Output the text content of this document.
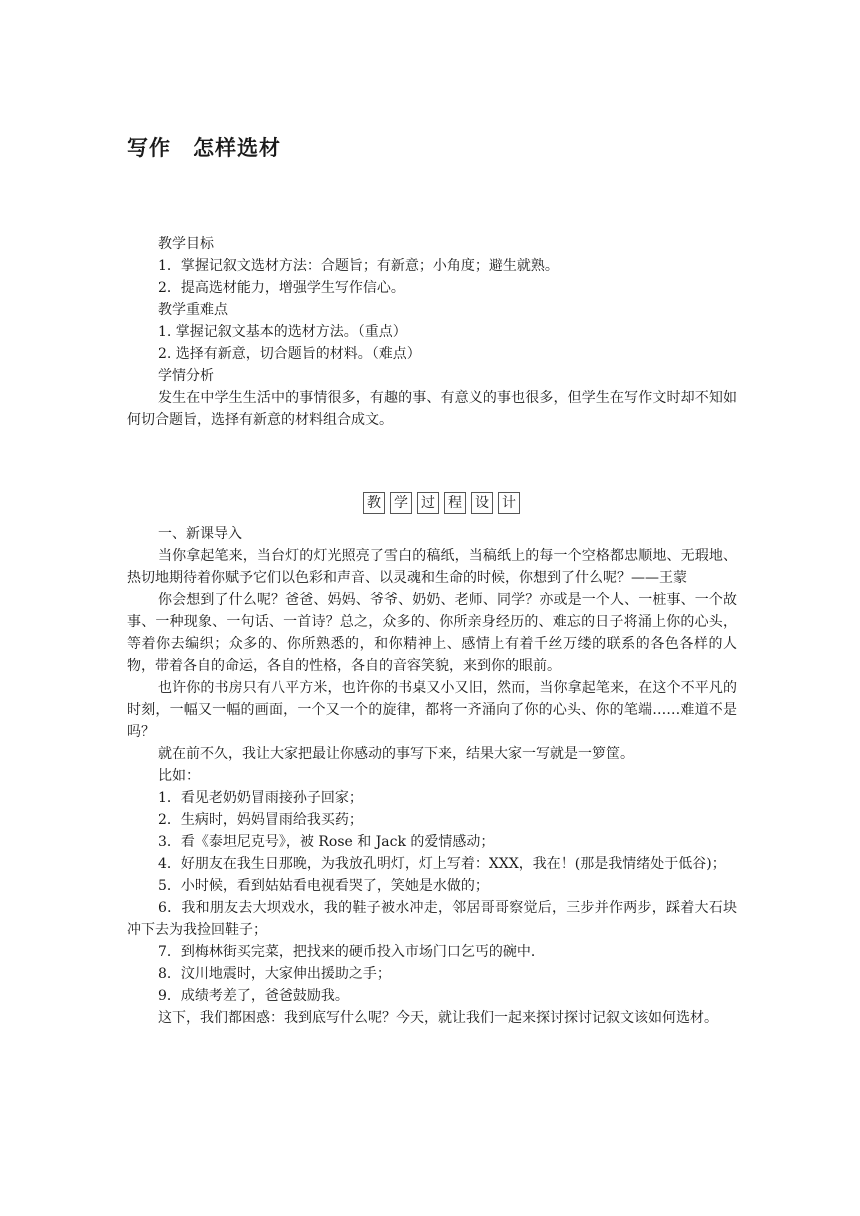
写作　怎样选材

教学目标

1．掌握记叙文选材方法：合题旨；有新意；小角度；避生就熟。

2．提高选材能力，增强学生写作信心。

教学重难点

1. 掌握记叙文基本的选材方法。（重点）

2. 选择有新意，切合题旨的材料。（难点）

学情分析

发生在中学生生活中的事情很多，有趣的事、有意义的事也很多，但学生在写作文时却不知如何切合题旨，选择有新意的材料组合成文。

教 学 过 程 设 计

一、新课导入

当你拿起笔来，当台灯的灯光照亮了雪白的稿纸，当稿纸上的每一个空格都忠顺地、无瑕地、热切地期待着你赋予它们以色彩和声音、以灵魂和生命的时候，你想到了什么呢？——王蒙

你会想到了什么呢？爸爸、妈妈、爷爷、奶奶、老师、同学？亦或是一个人、一桩事、一个故事、一种现象、一句话、一首诗？总之，众多的、你所亲身经历的、难忘的日子将涌上你的心头，等着你去编织；众多的、你所熟悉的，和你精神上、感情上有着千丝万缕的联系的各色各样的人物，带着各自的命运，各自的性格，各自的音容笑貌，来到你的眼前。

也许你的书房只有八平方米，也许你的书桌又小又旧，然而，当你拿起笔来，在这个不平凡的时刻，一幅又一幅的画面，一个又一个的旋律，都将一齐涌向了你的心头、你的笔端……难道不是吗？

就在前不久，我让大家把最让你感动的事写下来，结果大家一写就是一箩筐。

比如：

1．看见老奶奶冒雨接孙子回家；

2．生病时，妈妈冒雨给我买药；

3．看《泰坦尼克号》，被 Rose 和 Jack 的爱情感动；

4．好朋友在我生日那晚，为我放孔明灯，灯上写着：XXX，我在！(那是我情绪处于低谷)；

5．小时候，看到姑姑看电视看哭了，笑她是水做的；

6．我和朋友去大坝戏水，我的鞋子被水冲走，邻居哥哥察觉后，三步并作两步，踩着大石块冲下去为我捡回鞋子；

7．到梅林街买完菜，把找来的硬币投入市场门口乞丐的碗中．

8．汶川地震时，大家伸出援助之手；

9．成绩考差了，爸爸鼓励我。

这下，我们都困惑：我到底写什么呢？今天，就让我们一起来探讨探讨记叙文该如何选材。
